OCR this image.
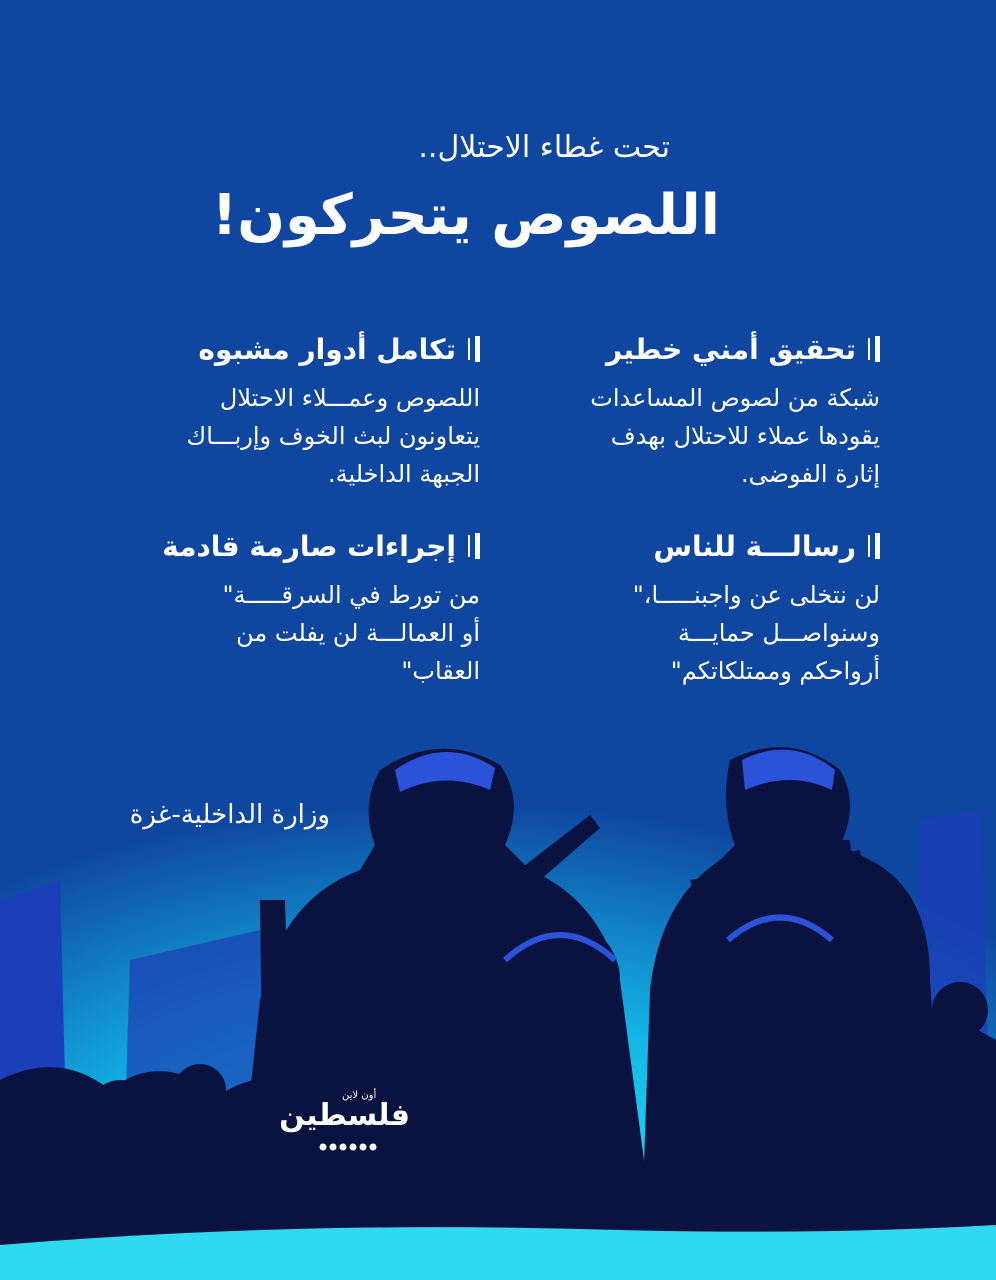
تحت غطاء الاحتلال..
اللصوص يتحركون!
تحقيق أمني خطير
شبكة من لصوص المساعدات
يقودها عملاء للاحتلال بهدف
إثارة الفوضى.
تكامل أدوار مشبوه
اللصوص وعمـــلاء الاحتلال
يتعاونون لبث الخوف وإربـــاك
الجبهة الداخلية.
رسالـــة للناس
لن نتخلى عن واجبنـــــا،"
وسنواصـــل حمايـــة
أرواحكم وممتلكاتكم"
إجراءات صارمة قادمة
من تورط في السرقـــــة"
أو العمالـــة لن يفلت من
العقاب"
وزارة الداخلية-غزة
أون لاين
فلسطين
